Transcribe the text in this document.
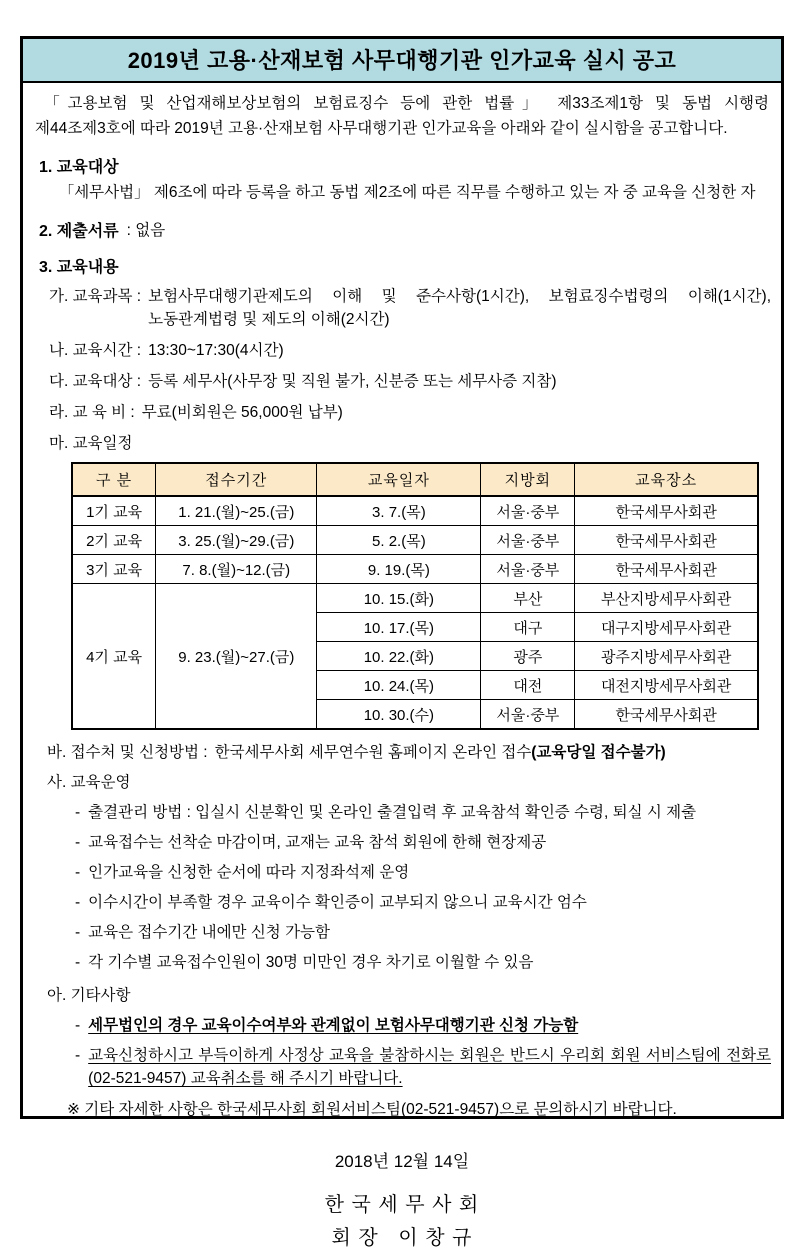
2019년 고용·산재보험 사무대행기관 인가교육 실시 공고

「고용보험 및 산업재해보상보험의 보험료징수 등에 관한 법률」 제33조제1항 및 동법 시행령 제44조제3호에 따라 2019년 고용·산재보험 사무대행기관 인가교육을 아래와 같이 실시함을 공고합니다.

1. 교육대상

「세무사법」 제6조에 따라 등록을 하고 동법 제2조에 따른 직무를 수행하고 있는 자 중 교육을 신청한 자

2. 제출서류 : 없음
3. 교육내용
가. 교육과목 : 보험사무대행기관제도의 이해 및 준수사항(1시간), 보험료징수법령의 이해(1시간), 노동관계법령 및 제도의 이해(2시간)
나. 교육시간 : 13:30~17:30(4시간)
다. 교육대상 : 등록 세무사(사무장 및 직원 불가, 신분증 또는 세무사증 지참)
라. 교 육 비 : 무료(비회원은 56,000원 납부)
마. 교육일정
구 분	접수기간	교육일자	지방회	교육장소
1기 교육	1. 21.(월)~25.(금)	3. 7.(목)	서울·중부	한국세무사회관
2기 교육	3. 25.(월)~29.(금)	5. 2.(목)	서울·중부	한국세무사회관
3기 교육	7. 8.(월)~12.(금)	9. 19.(목)	서울·중부	한국세무사회관
4기 교육	9. 23.(월)~27.(금)	10. 15.(화)	부산	부산지방세무사회관
		10. 17.(목)	대구	대구지방세무사회관
		10. 22.(화)	광주	광주지방세무사회관
		10. 24.(목)	대전	대전지방세무사회관
		10. 30.(수)	서울·중부	한국세무사회관
바. 접수처 및 신청방법 : 한국세무사회 세무연수원 홈페이지 온라인 접수(교육당일 접수불가)
사. 교육운영
- 출결관리 방법 : 입실시 신분확인 및 온라인 출결입력 후 교육참석 확인증 수령, 퇴실 시 제출
- 교육접수는 선착순 마감이며, 교재는 교육 참석 회원에 한해 현장제공
- 인가교육을 신청한 순서에 따라 지정좌석제 운영
- 이수시간이 부족할 경우 교육이수 확인증이 교부되지 않으니 교육시간 엄수
- 교육은 접수기간 내에만 신청 가능함
- 각 기수별 교육접수인원이 30명 미만인 경우 차기로 이월할 수 있음
아. 기타사항
- 세무법인의 경우 교육이수여부와 관계없이 보험사무대행기관 신청 가능함
- 교육신청하시고 부득이하게 사정상 교육을 불참하시는 회원은 반드시 우리회 회원 서비스팀에 전화로(02-521-9457) 교육취소를 해 주시기 바랍니다.
※ 기타 자세한 사항은 한국세무사회 회원서비스팀(02-521-9457)으로 문의하시기 바랍니다.
2018년 12월 14일
한 국 세 무 사 회
회 장   이 창 규
